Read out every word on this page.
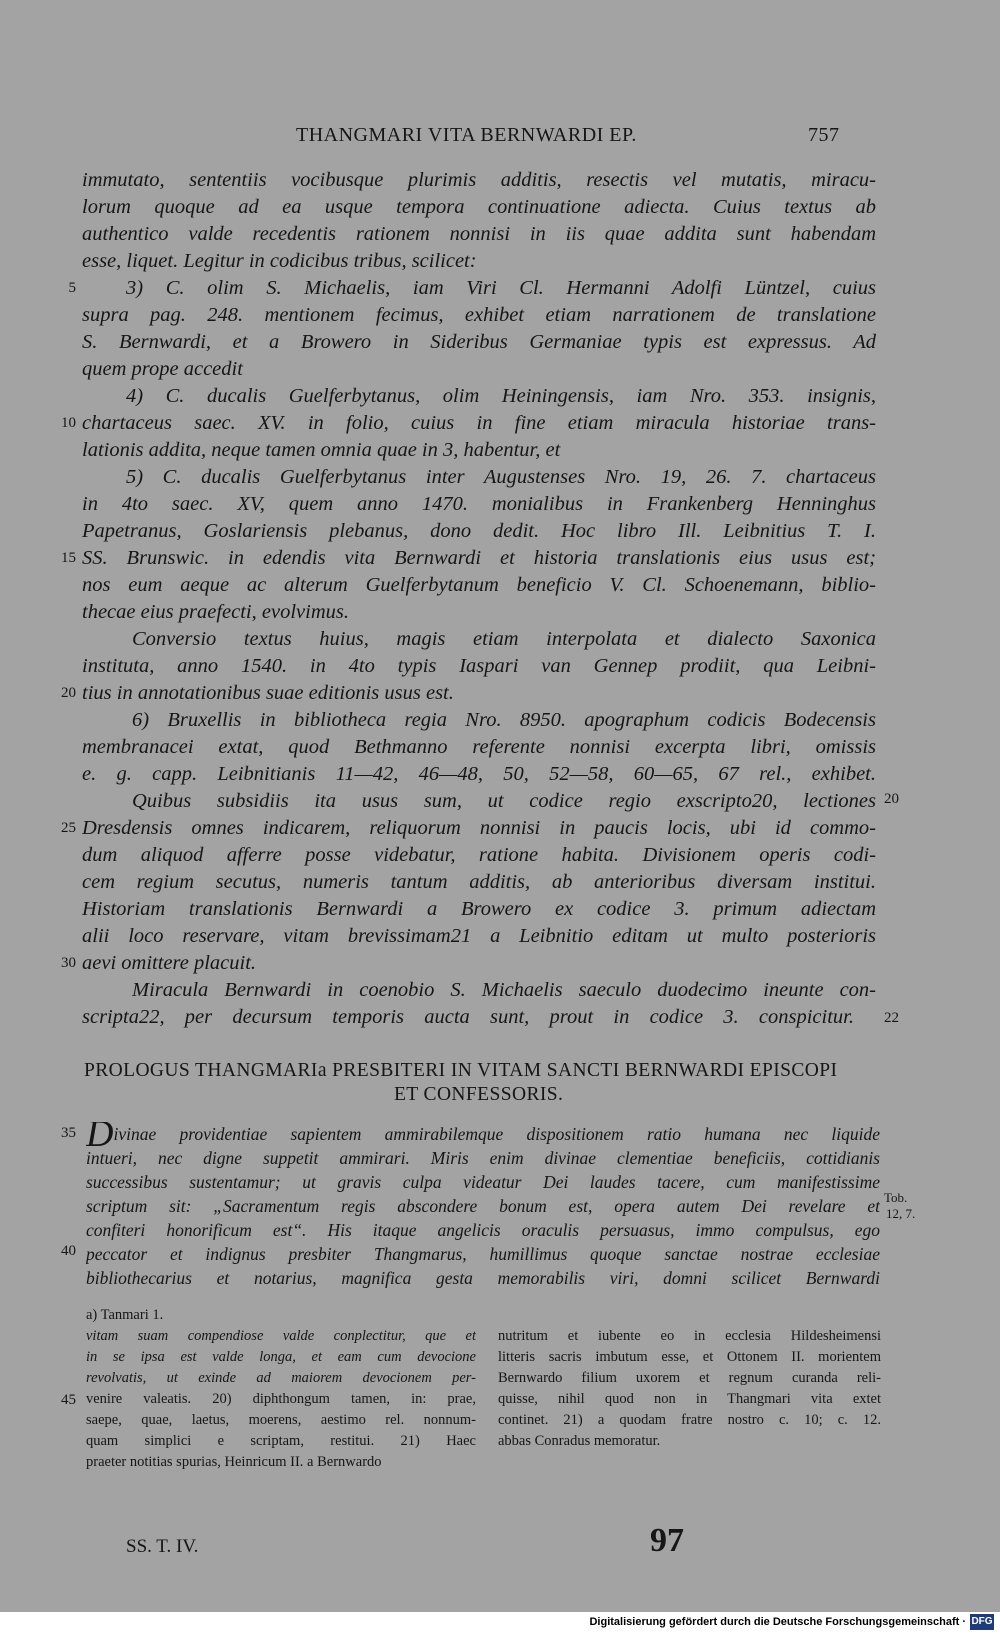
THANGMARI VITA BERNWARDI EP.	757
immutato, sententiis vocibusque plurimis additis, resectis vel mutatis, miracu-
lorum quoque ad ea usque tempora continuatione adiecta. Cuius textus ab
authentico valde recedentis rationem nonnisi in iis quae addita sunt habendam
esse, liquet. Legitur in codicibus tribus, scilicet:
3) C. olim S. Michaelis, iam Viri Cl. Hermanni Adolfi Lüntzel, cuius
supra pag. 248. mentionem fecimus, exhibet etiam narrationem de translatione
S. Bernwardi, et a Browero in Sideribus Germaniae typis est expressus. Ad
quem prope accedit
4) C. ducalis Guelferbytanus, olim Heiningensis, iam Nro. 353. insignis,
chartaceus saec. XV. in folio, cuius in fine etiam miracula historiae trans-
lationis addita, neque tamen omnia quae in 3, habentur, et
5) C. ducalis Guelferbytanus inter Augustenses Nro. 19, 26. 7. chartaceus
in 4to saec. XV, quem anno 1470. monialibus in Frankenberg Henninghus
Papetranus, Goslariensis plebanus, dono dedit. Hoc libro Ill. Leibnitius T. I.
SS. Brunswic. in edendis vita Bernwardi et historia translationis eius usus est;
nos eum aeque ac alterum Guelferbytanum beneficio V. Cl. Schoenemann, biblio-
thecae eius praefecti, evolvimus.
Conversio textus huius, magis etiam interpolata et dialecto Saxonica
instituta, anno 1540. in 4to typis Iaspari van Gennep prodiit, qua Leibni-
tius in annotationibus suae editionis usus est.
6) Bruxellis in bibliotheca regia Nro. 8950. apographum codicis Bodecensis
membranacei extat, quod Bethmanno referente nonnisi excerpta libri, omissis
e. g. capp. Leibnitianis 11—42, 46—48, 50, 52—58, 60—65, 67 rel., exhibet.
Quibus subsidiis ita usus sum, ut codice regio exscripto20, lectiones
Dresdensis omnes indicarem, reliquorum nonnisi in paucis locis, ubi id commo-
dum aliquod afferre posse videbatur, ratione habita. Divisionem operis codi-
cem regium secutus, numeris tantum additis, ab anterioribus diversam institui.
Historiam translationis Bernwardi a Browero ex codice 3. primum adiectam
alii loco reservare, vitam brevissimam21 a Leibnitio editam ut multo posterioris
aevi omittere placuit.
Miracula Bernwardi in coenobio S. Michaelis saeculo duodecimo ineunte con-
scripta22, per decursum temporis aucta sunt, prout in codice 3. conspicitur.
5
10
15
20
25
30
35
40
45
20
22
Tob.
12, 7.
PROLOGUS THANGMARIa PRESBITERI IN VITAM SANCTI BERNWARDI EPISCOPI
ET CONFESSORIS.
Divinae providentiae sapientem ammirabilemque dispositionem ratio humana nec liquide
intueri, nec digne suppetit ammirari. Miris enim divinae clementiae beneficiis, cottidianis
successibus sustentamur; ut gravis culpa videatur Dei laudes tacere, cum manifestissime
scriptum sit: „Sacramentum regis abscondere bonum est, opera autem Dei revelare et
confiteri honorificum est“. His itaque angelicis oraculis persuasus, immo compulsus, ego
peccator et indignus presbiter Thangmarus, humillimus quoque sanctae nostrae ecclesiae
bibliothecarius et notarius, magnifica gesta memorabilis viri, domni scilicet Bernwardi
a) Tanmari 1.
vitam suam compendiose valde conplectitur, que et
in se ipsa est valde longa, et eam cum devocione
revolvatis, ut exinde ad maiorem devocionem per-
venire valeatis. 20) diphthongum tamen, in: prae,
saepe, quae, laetus, moerens, aestimo rel. nonnum-
quam simplici e scriptam, restitui. 21) Haec
praeter notitias spurias, Heinricum II. a Bernwardo
nutritum et iubente eo in ecclesia Hildesheimensi
litteris sacris imbutum esse, et Ottonem II. morientem
Bernwardo filium uxorem et regnum curanda reli-
quisse, nihil quod non in Thangmari vita extet
continet. 21) a quodam fratre nostro c. 10; c. 12.
abbas Conradus memoratur.
SS. T. IV.	97
Digitalisierung gefördert durch die Deutsche Forschungsgemeinschaft · DFG
